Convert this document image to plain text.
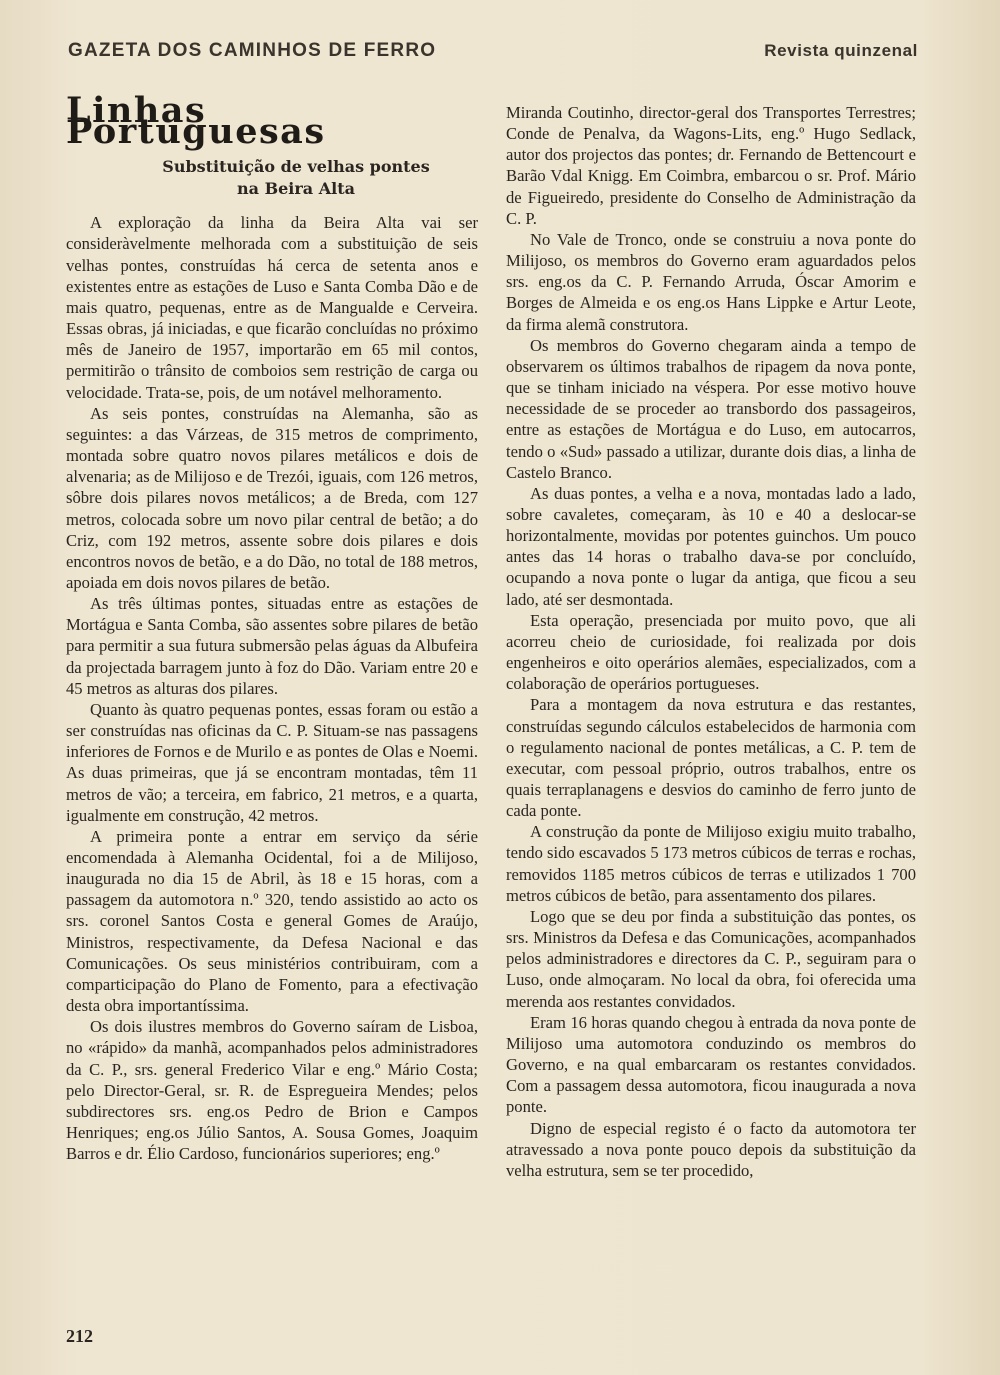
GAZETA DOS CAMINHOS DE FERRO	Revista quinzenal
Linhas Portuguesas
Substituição de velhas pontes
na Beira Alta

A exploração da linha da Beira Alta vai ser consideràvelmente melhorada com a substituição de seis velhas pontes, construídas há cerca de setenta anos e existentes entre as estações de Luso e Santa Comba Dão e de mais quatro, pequenas, entre as de Mangualde e Cerveira. Essas obras, já iniciadas, e que ficarão concluídas no próximo mês de Janeiro de 1957, importarão em 65 mil contos, permitirão o trânsito de comboios sem restrição de carga ou velocidade. Trata-se, pois, de um notável melhoramento.

As seis pontes, construídas na Alemanha, são as seguintes: a das Várzeas, de 315 metros de comprimento, montada sobre quatro novos pilares metálicos e dois de alvenaria; as de Milijoso e de Trezói, iguais, com 126 metros, sôbre dois pilares novos metálicos; a de Breda, com 127 metros, colocada sobre um novo pilar central de betão; a do Criz, com 192 metros, assente sobre dois pilares e dois encontros novos de betão, e a do Dão, no total de 188 metros, apoiada em dois novos pilares de betão.

As três últimas pontes, situadas entre as estações de Mortágua e Santa Comba, são assentes sobre pilares de betão para permitir a sua futura submersão pelas águas da Albufeira da projectada barragem junto à foz do Dão. Variam entre 20 e 45 metros as alturas dos pilares.

Quanto às quatro pequenas pontes, essas foram ou estão a ser construídas nas oficinas da C. P. Situam-se nas passagens inferiores de Fornos e de Murilo e as pontes de Olas e Noemi. As duas primeiras, que já se encontram montadas, têm 11 metros de vão; a terceira, em fabrico, 21 metros, e a quarta, igualmente em construção, 42 metros.

A primeira ponte a entrar em serviço da série encomendada à Alemanha Ocidental, foi a de Milijoso, inaugurada no dia 15 de Abril, às 18 e 15 horas, com a passagem da automotora n.º 320, tendo assistido ao acto os srs. coronel Santos Costa e general Gomes de Araújo, Ministros, respectivamente, da Defesa Nacional e das Comunicações. Os seus ministérios contribuiram, com a comparticipação do Plano de Fomento, para a efectivação desta obra importantíssima.

Os dois ilustres membros do Governo saíram de Lisboa, no «rápido» da manhã, acompanhados pelos administradores da C. P., srs. general Frederico Vilar e eng.º Mário Costa; pelo Director-Geral, sr. R. de Espregueira Mendes; pelos subdirectores srs. eng.os Pedro de Brion e Campos Henriques; eng.os Júlio Santos, A. Sousa Gomes, Joaquim Barros e dr. Élio Cardoso, funcionários superiores; eng.º

Miranda Coutinho, director-geral dos Transportes Terrestres; Conde de Penalva, da Wagons-Lits, eng.º Hugo Sedlack, autor dos projectos das pontes; dr. Fernando de Bettencourt e Barão Vdal Knigg. Em Coimbra, embarcou o sr. Prof. Mário de Figueiredo, presidente do Conselho de Administração da C. P.

No Vale de Tronco, onde se construiu a nova ponte do Milijoso, os membros do Governo eram aguardados pelos srs. eng.os da C. P. Fernando Arruda, Óscar Amorim e Borges de Almeida e os eng.os Hans Lippke e Artur Leote, da firma alemã construtora.

Os membros do Governo chegaram ainda a tempo de observarem os últimos trabalhos de ripagem da nova ponte, que se tinham iniciado na véspera. Por esse motivo houve necessidade de se proceder ao transbordo dos passageiros, entre as estações de Mortágua e do Luso, em autocarros, tendo o «Sud» passado a utilizar, durante dois dias, a linha de Castelo Branco.

As duas pontes, a velha e a nova, montadas lado a lado, sobre cavaletes, começaram, às 10 e 40 a deslocar-se horizontalmente, movidas por potentes guinchos. Um pouco antes das 14 horas o trabalho dava-se por concluído, ocupando a nova ponte o lugar da antiga, que ficou a seu lado, até ser desmontada.

Esta operação, presenciada por muito povo, que ali acorreu cheio de curiosidade, foi realizada por dois engenheiros e oito operários alemães, especializados, com a colaboração de operários portugueses.

Para a montagem da nova estrutura e das restantes, construídas segundo cálculos estabelecidos de harmonia com o regulamento nacional de pontes metálicas, a C. P. tem de executar, com pessoal próprio, outros trabalhos, entre os quais terraplanagens e desvios do caminho de ferro junto de cada ponte.

A construção da ponte de Milijoso exigiu muito trabalho, tendo sido escavados 5 173 metros cúbicos de terras e rochas, removidos 1185 metros cúbicos de terras e utilizados 1 700 metros cúbicos de betão, para assentamento dos pilares.

Logo que se deu por finda a substituição das pontes, os srs. Ministros da Defesa e das Comunicações, acompanhados pelos administradores e directores da C. P., seguiram para o Luso, onde almoçaram. No local da obra, foi oferecida uma merenda aos restantes convidados.

Eram 16 horas quando chegou à entrada da nova ponte de Milijoso uma automotora conduzindo os membros do Governo, e na qual embarcaram os restantes convidados. Com a passagem dessa automotora, ficou inaugurada a nova ponte.

Digno de especial registo é o facto da automotora ter atravessado a nova ponte pouco depois da substituição da velha estrutura, sem se ter procedido,

212
